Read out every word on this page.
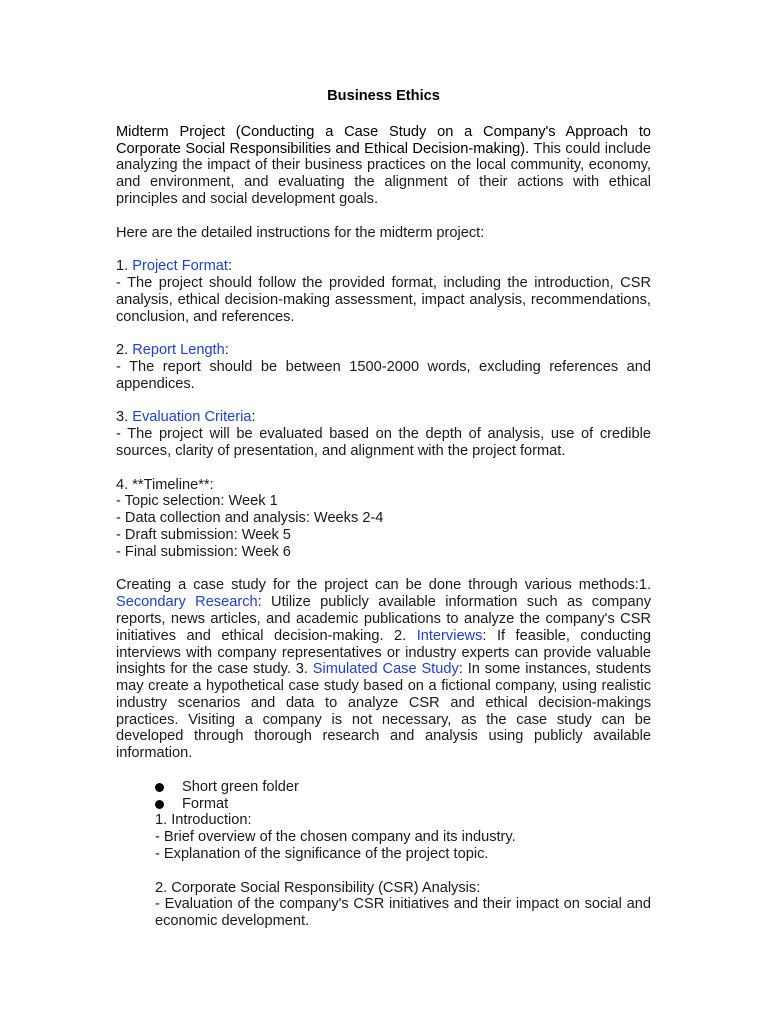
Business Ethics

Midterm Project (Conducting a Case Study on a Company's Approach to Corporate Social Responsibilities and Ethical Decision-making). This could include analyzing the impact of their business practices on the local community, economy, and environment, and evaluating the alignment of their actions with ethical principles and social development goals.

Here are the detailed instructions for the midterm project:

1. Project Format:
- The project should follow the provided format, including the introduction, CSR analysis, ethical decision-making assessment, impact analysis, recommendations, conclusion, and references.

2. Report Length:
- The report should be between 1500-2000 words, excluding references and appendices.

3. Evaluation Criteria:
- The project will be evaluated based on the depth of analysis, use of credible sources, clarity of presentation, and alignment with the project format.

4. **Timeline**:
- Topic selection: Week 1
- Data collection and analysis: Weeks 2-4
- Draft submission: Week 5
- Final submission: Week 6

Creating a case study for the project can be done through various methods:1. Secondary Research: Utilize publicly available information such as company reports, news articles, and academic publications to analyze the company's CSR initiatives and ethical decision-making. 2. Interviews: If feasible, conducting interviews with company representatives or industry experts can provide valuable insights for the case study. 3. Simulated Case Study: In some instances, students may create a hypothetical case study based on a fictional company, using realistic industry scenarios and data to analyze CSR and ethical decision-makings practices. Visiting a company is not necessary, as the case study can be developed through thorough research and analysis using publicly available information.

Short green folder
Format

1. Introduction:
- Brief overview of the chosen company and its industry.
- Explanation of the significance of the project topic.

2. Corporate Social Responsibility (CSR) Analysis:
- Evaluation of the company's CSR initiatives and their impact on social and economic development.
